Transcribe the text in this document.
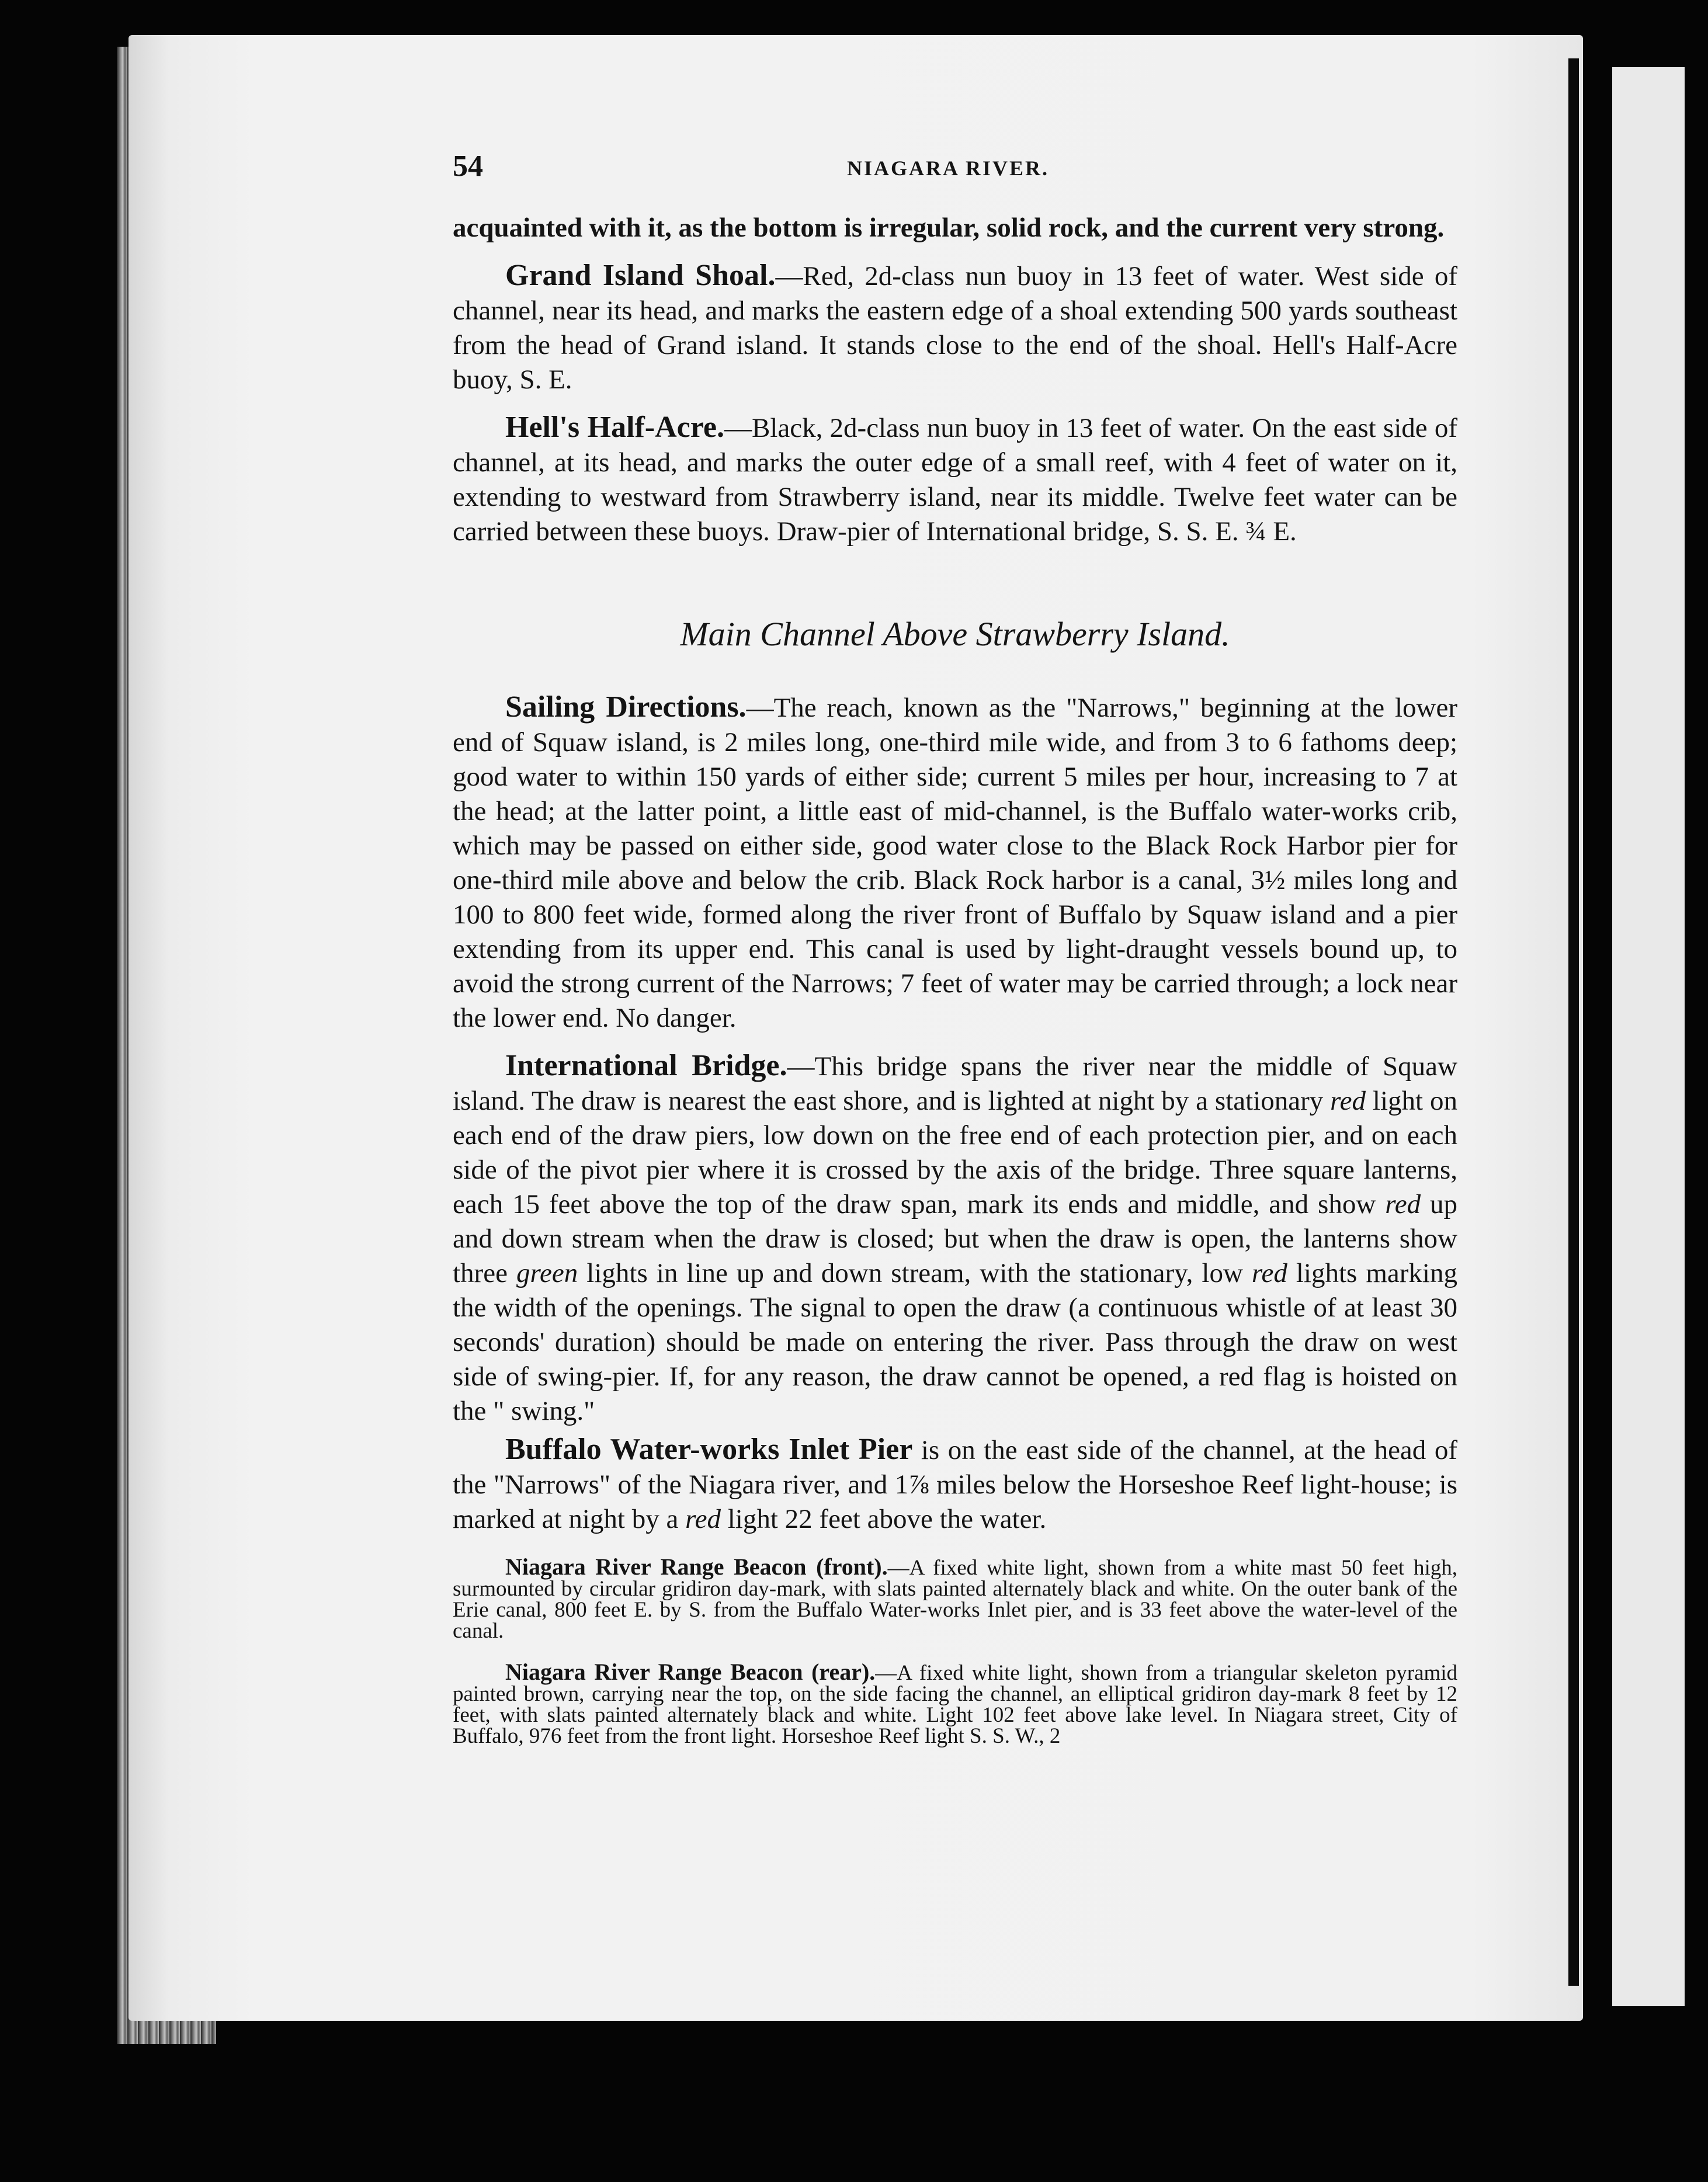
54	NIAGARA RIVER.

acquainted with it, as the bottom is irregular, solid rock, and the current very strong.

Grand Island Shoal.—Red, 2d-class nun buoy in 13 feet of water. West side of channel, near its head, and marks the eastern edge of a shoal extending 500 yards southeast from the head of Grand island. It stands close to the end of the shoal. Hell's Half-Acre buoy, S. E.

Hell's Half-Acre.—Black, 2d-class nun buoy in 13 feet of water. On the east side of channel, at its head, and marks the outer edge of a small reef, with 4 feet of water on it, extending to westward from Strawberry island, near its middle. Twelve feet water can be carried between these buoys. Draw-pier of International bridge, S. S. E. ¾ E.

Main Channel Above Strawberry Island.

Sailing Directions.—The reach, known as the "Narrows," beginning at the lower end of Squaw island, is 2 miles long, one-third mile wide, and from 3 to 6 fathoms deep; good water to within 150 yards of either side; current 5 miles per hour, increasing to 7 at the head; at the latter point, a little east of mid-channel, is the Buffalo water-works crib, which may be passed on either side, good water close to the Black Rock Harbor pier for one-third mile above and below the crib. Black Rock harbor is a canal, 3½ miles long and 100 to 800 feet wide, formed along the river front of Buffalo by Squaw island and a pier extending from its upper end. This canal is used by light-draught vessels bound up, to avoid the strong current of the Narrows; 7 feet of water may be carried through; a lock near the lower end. No danger.

International Bridge.—This bridge spans the river near the middle of Squaw island. The draw is nearest the east shore, and is lighted at night by a stationary red light on each end of the draw piers, low down on the free end of each protection pier, and on each side of the pivot pier where it is crossed by the axis of the bridge. Three square lanterns, each 15 feet above the top of the draw span, mark its ends and middle, and show red up and down stream when the draw is closed; but when the draw is open, the lanterns show three green lights in line up and down stream, with the stationary, low red lights marking the width of the openings. The signal to open the draw (a continuous whistle of at least 30 seconds' duration) should be made on entering the river. Pass through the draw on west side of swing-pier. If, for any reason, the draw cannot be opened, a red flag is hoisted on the " swing."

Buffalo Water-works Inlet Pier is on the east side of the channel, at the head of the "Narrows" of the Niagara river, and 1⅞ miles below the Horseshoe Reef light-house; is marked at night by a red light 22 feet above the water.

Niagara River Range Beacon (front).—A fixed white light, shown from a white mast 50 feet high, surmounted by circular gridiron day-mark, with slats painted alternately black and white. On the outer bank of the Erie canal, 800 feet E. by S. from the Buffalo Water-works Inlet pier, and is 33 feet above the water-level of the canal.

Niagara River Range Beacon (rear).—A fixed white light, shown from a triangular skeleton pyramid painted brown, carrying near the top, on the side facing the channel, an elliptical gridiron day-mark 8 feet by 12 feet, with slats painted alternately black and white. Light 102 feet above lake level. In Niagara street, City of Buffalo, 976 feet from the front light. Horseshoe Reef light S. S. W., 2
